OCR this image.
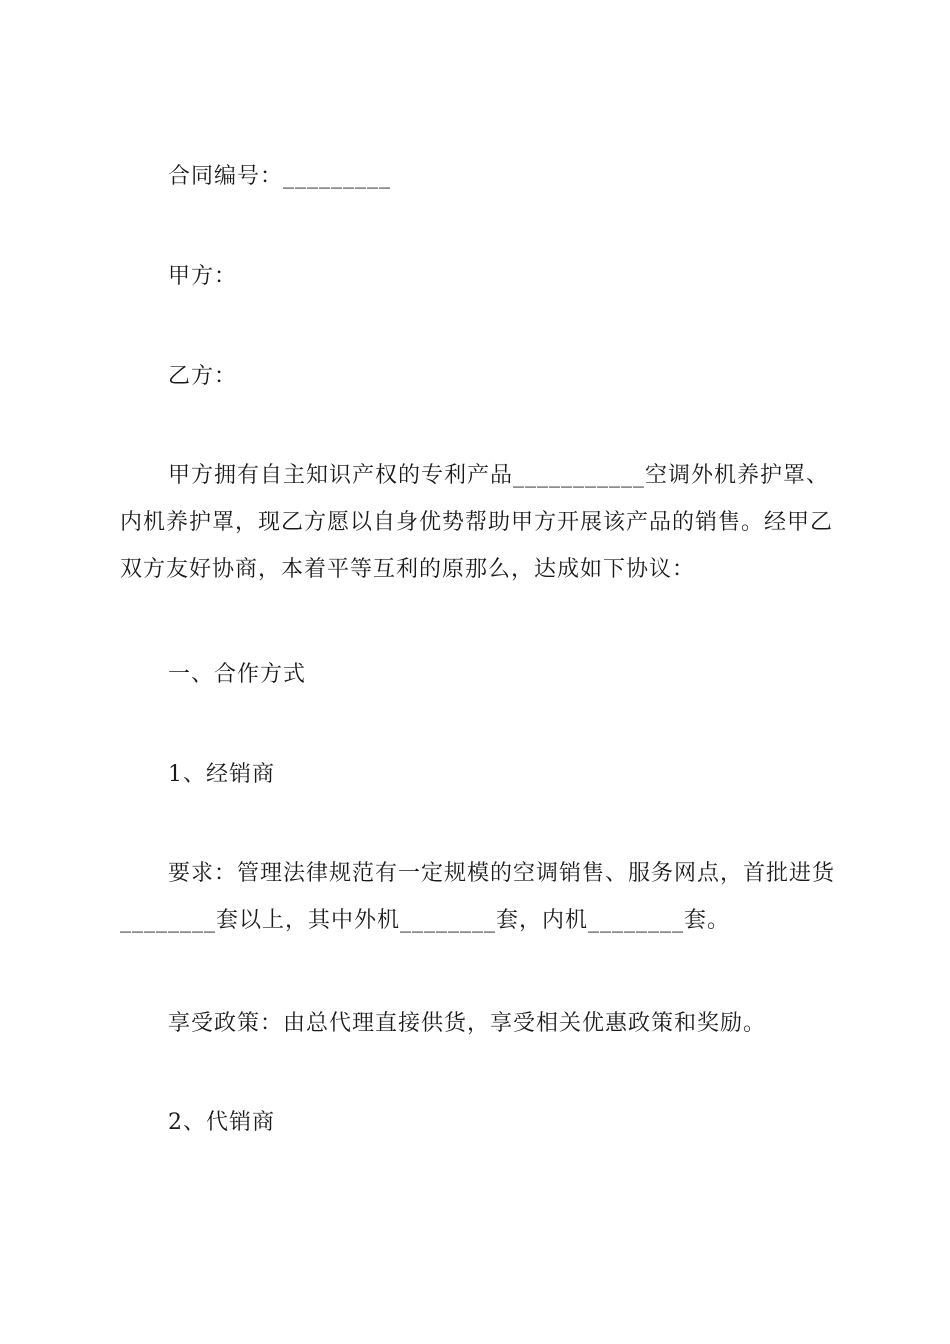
合同编号：_________

甲方：

乙方：

甲方拥有自主知识产权的专利产品___________空调外机养护罩、内机养护罩，现乙方愿以自身优势帮助甲方开展该产品的销售。经甲乙双方友好协商，本着平等互利的原那么，达成如下协议：

一、合作方式

1、经销商

要求：管理法律规范有一定规模的空调销售、服务网点，首批进货________套以上，其中外机________套，内机________套。

享受政策：由总代理直接供货，享受相关优惠政策和奖励。

2、代销商
